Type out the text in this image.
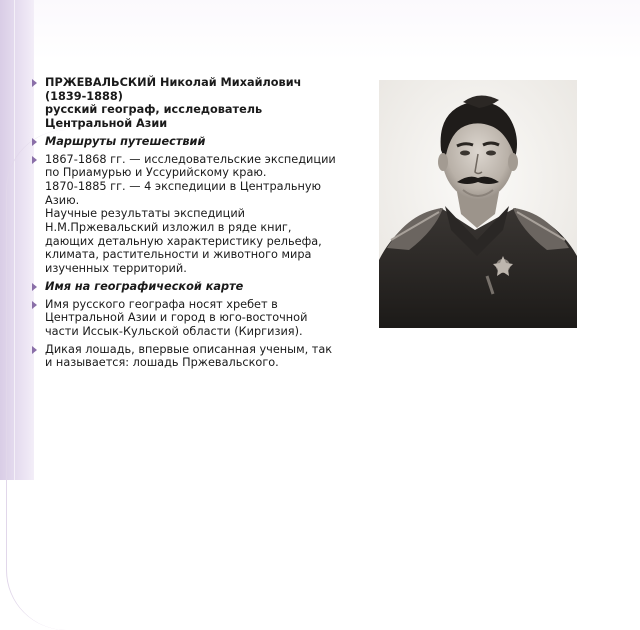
ПРЖЕВАЛЬСКИЙ Николай Михайлович
(1839-1888)
русский географ, исследователь
Центральной Азии
Маршруты путешествий
1867-1868 гг. — исследовательские экспедиции
по Приамурью и Уссурийскому краю.
1870-1885 гг. — 4 экспедиции в Центральную
Азию.
Научные результаты экспедиций
Н.М.Пржевальский изложил в ряде книг,
дающих детальную характеристику рельефа,
климата, растительности и животного мира
изученных территорий.
Имя на географической карте
Имя русского географа носят хребет в
Центральной Азии и город в юго-восточной
части Иссык-Кульской области (Киргизия).
Дикая лошадь, впервые описанная ученым, так
и называется: лошадь Пржевальского.
